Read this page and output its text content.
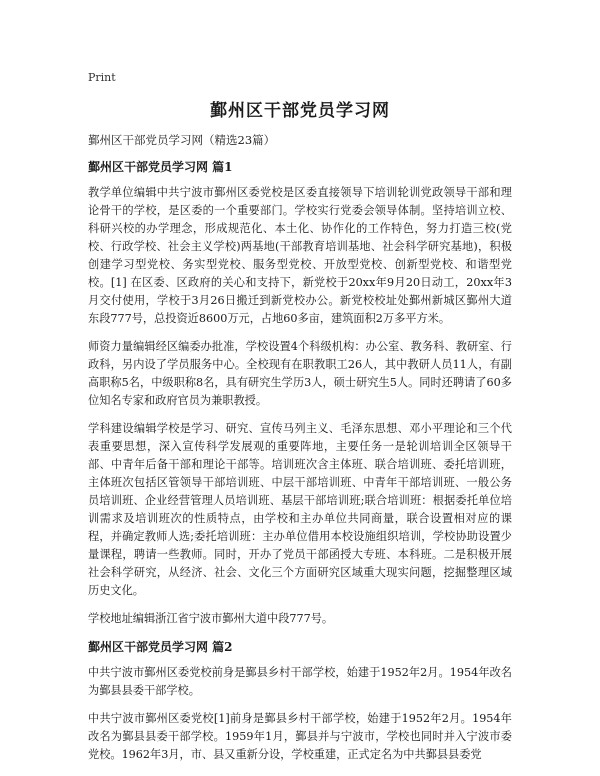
Print
鄞州区干部党员学习网
鄞州区干部党员学习网（精选23篇）
鄞州区干部党员学习网 篇1

教学单位编辑中共宁波市鄞州区委党校是区委直接领导下培训轮训党政领导干部和理论骨干的学校，是区委的一个重要部门。学校实行党委会领导体制。坚持培训立校、科研兴校的办学理念，形成规范化、本土化、协作化的工作特色，努力打造三校(党校、行政学校、社会主义学校)两基地(干部教育培训基地、社会科学研究基地)，积极创建学习型党校、务实型党校、服务型党校、开放型党校、创新型党校、和谐型党校。[1] 在区委、区政府的关心和支持下，新党校于20xx年9月20日动工，20xx年3月交付使用，学校于3月26日搬迁到新党校办公。新党校校址处鄞州新城区鄞州大道东段777号，总投资近8600万元，占地60多亩，建筑面积2万多平方米。

师资力量编辑经区编委办批准，学校设置4个科级机构：办公室、教务科、教研室、行政科，另内设了学员服务中心。全校现有在职教职工26人，其中教研人员11人，有副高职称5名，中级职称8名，具有研究生学历3人，硕士研究生5人。同时还聘请了60多位知名专家和政府官员为兼职教授。

学科建设编辑学校是学习、研究、宣传马列主义、毛泽东思想、邓小平理论和三个代表重要思想，深入宣传科学发展观的重要阵地，主要任务一是轮训培训全区领导干部、中青年后备干部和理论干部等。培训班次含主体班、联合培训班、委托培训班，主体班次包括区管领导干部培训班、中层干部培训班、中青年干部培训班、一般公务员培训班、企业经营管理人员培训班、基层干部培训班;联合培训班：根据委托单位培训需求及培训班次的性质特点，由学校和主办单位共同商量，联合设置相对应的课程，并确定教师人选;委托培训班：主办单位借用本校设施组织培训，学校协助设置少量课程，聘请一些教师。同时，开办了党员干部函授大专班、本科班。二是积极开展社会科学研究，从经济、社会、文化三个方面研究区域重大现实问题，挖掘整理区域历史文化。

学校地址编辑浙江省宁波市鄞州大道中段777号。

鄞州区干部党员学习网 篇2

中共宁波市鄞州区委党校前身是鄞县乡村干部学校，始建于1952年2月。1954年改名为鄞县县委干部学校。

中共宁波市鄞州区委党校[1]前身是鄞县乡村干部学校，始建于1952年2月。1954年改名为鄞县县委干部学校。1959年1月，鄞县并与宁波市，学校也同时并入宁波市委党校。1962年3月，市、县又重新分设，学校重建，正式定名为中共鄞县县委党
